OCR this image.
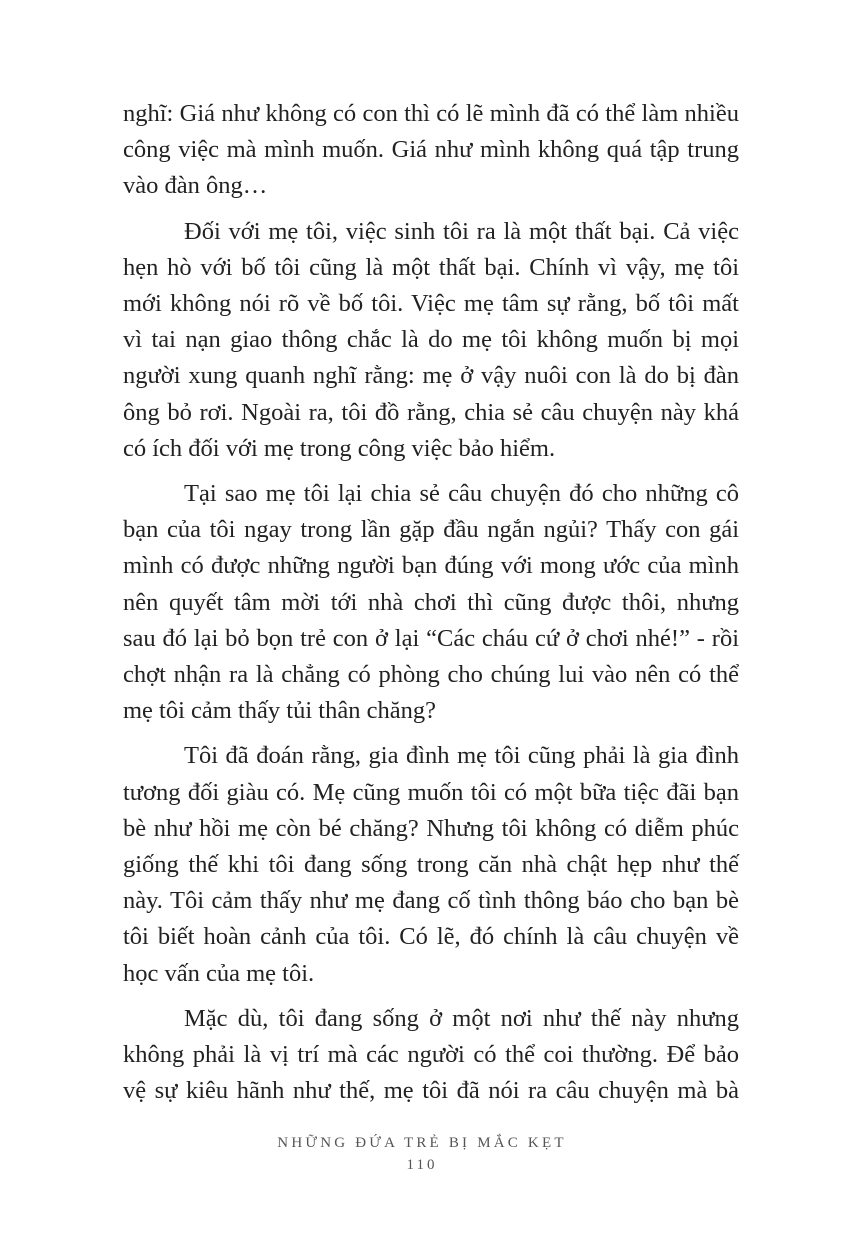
nghĩ: Giá như không có con thì có lẽ mình đã có thể làm nhiều
công việc mà mình muốn. Giá như mình không quá tập trung
vào đàn ông…

Đối với mẹ tôi, việc sinh tôi ra là một thất bại. Cả việc
hẹn hò với bố tôi cũng là một thất bại. Chính vì vậy, mẹ tôi
mới không nói rõ về bố tôi. Việc mẹ tâm sự rằng, bố tôi mất
vì tai nạn giao thông chắc là do mẹ tôi không muốn bị mọi
người xung quanh nghĩ rằng: mẹ ở vậy nuôi con là do bị đàn
ông bỏ rơi. Ngoài ra, tôi đồ rằng, chia sẻ câu chuyện này khá
có ích đối với mẹ trong công việc bảo hiểm.

Tại sao mẹ tôi lại chia sẻ câu chuyện đó cho những cô
bạn của tôi ngay trong lần gặp đầu ngắn ngủi? Thấy con gái
mình có được những người bạn đúng với mong ước của mình
nên quyết tâm mời tới nhà chơi thì cũng được thôi, nhưng
sau đó lại bỏ bọn trẻ con ở lại “Các cháu cứ ở chơi nhé!” - rồi
chợt nhận ra là chẳng có phòng cho chúng lui vào nên có thể
mẹ tôi cảm thấy tủi thân chăng?

Tôi đã đoán rằng, gia đình mẹ tôi cũng phải là gia đình
tương đối giàu có. Mẹ cũng muốn tôi có một bữa tiệc đãi bạn
bè như hồi mẹ còn bé chăng? Nhưng tôi không có diễm phúc
giống thế khi tôi đang sống trong căn nhà chật hẹp như thế
này. Tôi cảm thấy như mẹ đang cố tình thông báo cho bạn bè
tôi biết hoàn cảnh của tôi. Có lẽ, đó chính là câu chuyện về
học vấn của mẹ tôi.

Mặc dù, tôi đang sống ở một nơi như thế này nhưng
không phải là vị trí mà các người có thể coi thường. Để bảo
vệ sự kiêu hãnh như thế, mẹ tôi đã nói ra câu chuyện mà bà

NHỮNG ĐỨA TRẺ BỊ MẮC KẸT
110
